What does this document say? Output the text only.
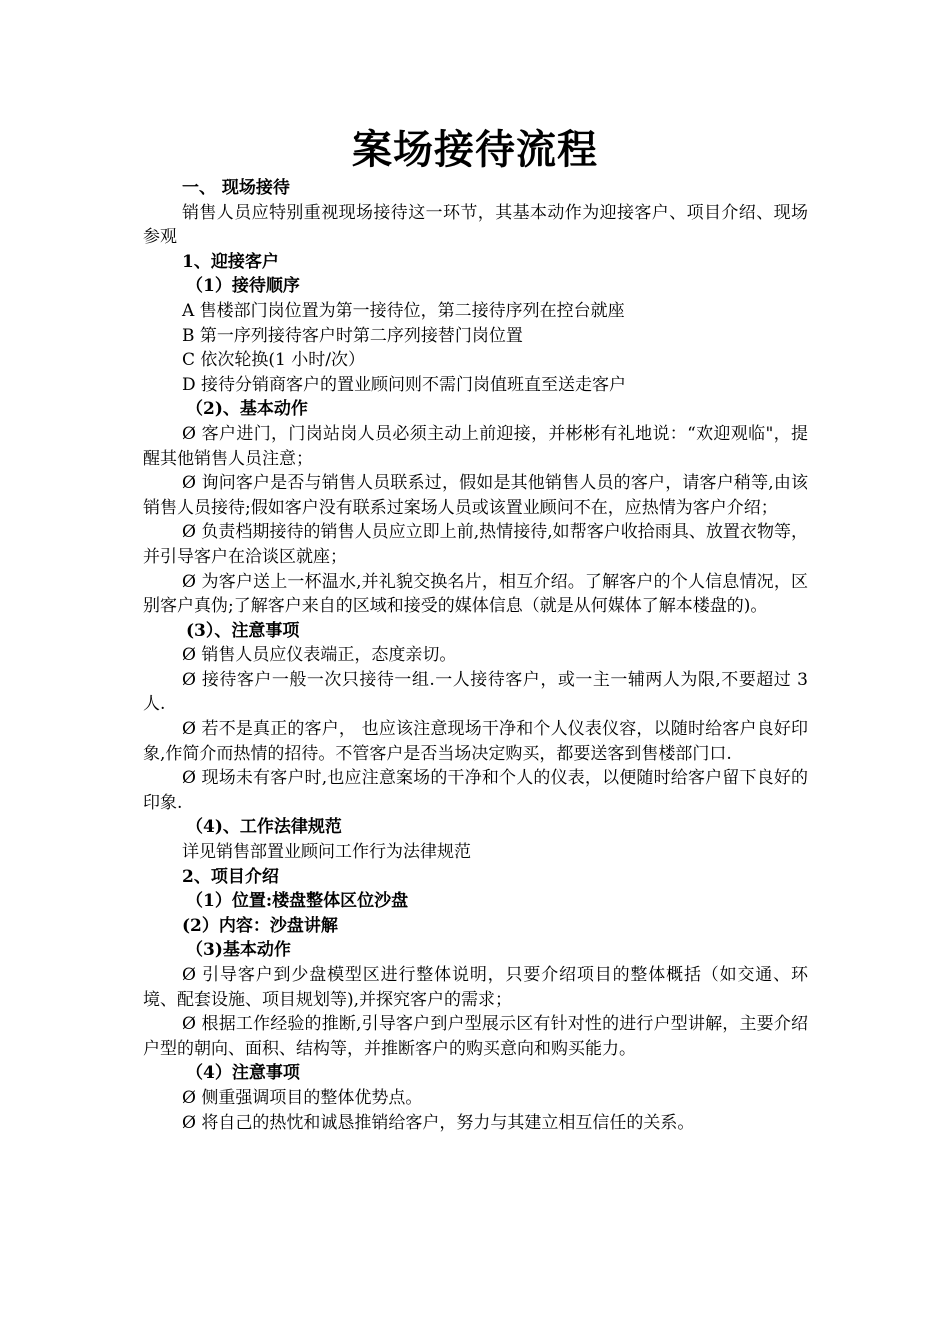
案场接待流程

一、 现场接待

销售人员应特别重视现场接待这一环节，其基本动作为迎接客户、项目介绍、现场参观

1、迎接客户

（1）接待顺序

A 售楼部门岗位置为第一接待位，第二接待序列在控台就座

B 第一序列接待客户时第二序列接替门岗位置

C 依次轮换(1 小时/次）

D 接待分销商客户的置业顾问则不需门岗值班直至送走客户

（2)、基本动作

Ø 客户进门，门岗站岗人员必须主动上前迎接，并彬彬有礼地说：“欢迎观临"，提醒其他销售人员注意；

Ø 询问客户是否与销售人员联系过，假如是其他销售人员的客户，请客户稍等,由该销售人员接待;假如客户没有联系过案场人员或该置业顾问不在，应热情为客户介绍；

Ø 负责档期接待的销售人员应立即上前,热情接待,如帮客户收拾雨具、放置衣物等，并引导客户在洽谈区就座；

Ø 为客户送上一杯温水,并礼貌交换名片，相互介绍。了解客户的个人信息情况，区别客户真伪;了解客户来自的区域和接受的媒体信息（就是从何媒体了解本楼盘的)。

(3）、注意事项

Ø 销售人员应仪表端正，态度亲切。

Ø 接待客户一般一次只接待一组.一人接待客户，或一主一辅两人为限,不要超过 3 人.

Ø 若不是真正的客户， 也应该注意现场干净和个人仪表仪容，以随时给客户良好印象,作简介而热情的招待。不管客户是否当场决定购买，都要送客到售楼部门口.

Ø 现场未有客户时,也应注意案场的干净和个人的仪表，以便随时给客户留下良好的印象.

（4)、工作法律规范

详见销售部置业顾问工作行为法律规范

2、项目介绍

（1）位置:楼盘整体区位沙盘

(2）内容：沙盘讲解

（3)基本动作

Ø 引导客户到少盘模型区进行整体说明，只要介绍项目的整体概括（如交通、环境、配套设施、项目规划等),并探究客户的需求；

Ø 根据工作经验的推断,引导客户到户型展示区有针对性的进行户型讲解，主要介绍户型的朝向、面积、结构等，并推断客户的购买意向和购买能力。

（4）注意事项

Ø 侧重强调项目的整体优势点。

Ø 将自己的热忱和诚恳推销给客户，努力与其建立相互信任的关系。
